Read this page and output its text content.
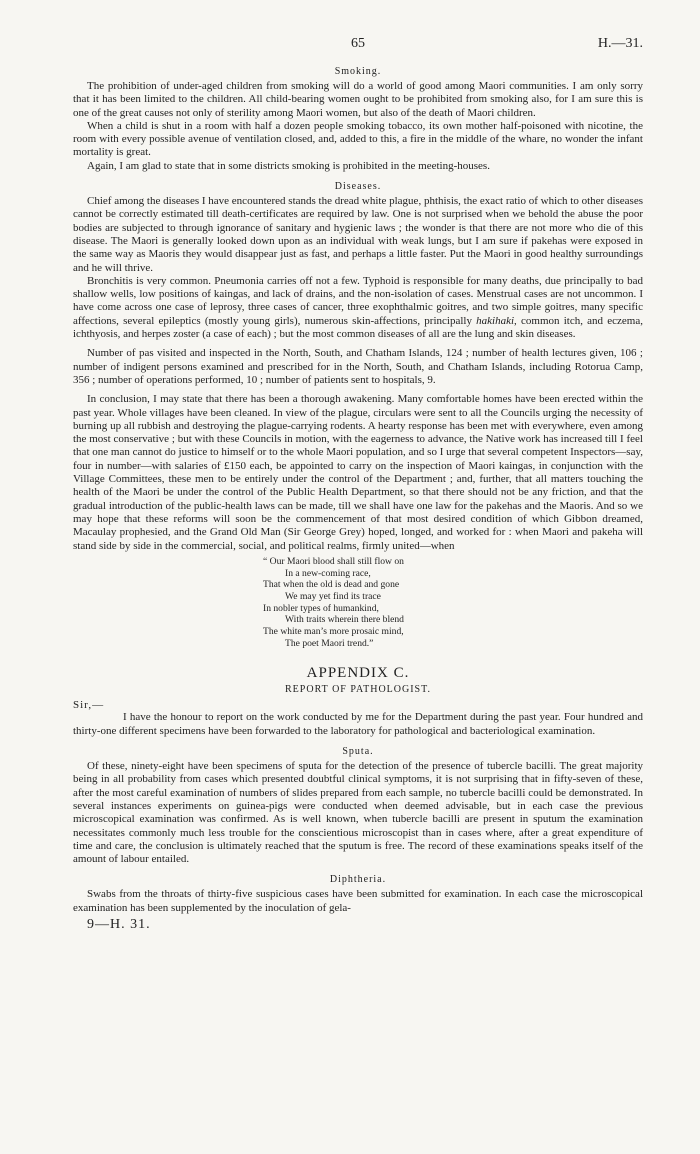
65	H.—31.
Smoking.

The prohibition of under-aged children from smoking will do a world of good among Maori communities. I am only sorry that it has been limited to the children. All child-bearing women ought to be prohibited from smoking also, for I am sure this is one of the great causes not only of sterility among Maori women, but also of the death of Maori children.

When a child is shut in a room with half a dozen people smoking tobacco, its own mother half-poisoned with nicotine, the room with every possible avenue of ventilation closed, and, added to this, a fire in the middle of the whare, no wonder the infant mortality is great.

Again, I am glad to state that in some districts smoking is prohibited in the meeting-houses.

Diseases.

Chief among the diseases I have encountered stands the dread white plague, phthisis, the exact ratio of which to other diseases cannot be correctly estimated till death-certificates are required by law. One is not surprised when we behold the abuse the poor bodies are subjected to through ignorance of sanitary and hygienic laws ; the wonder is that there are not more who die of this disease. The Maori is generally looked down upon as an individual with weak lungs, but I am sure if pakehas were exposed in the same way as Maoris they would disappear just as fast, and perhaps a little faster. Put the Maori in good healthy surroundings and he will thrive.

Bronchitis is very common. Pneumonia carries off not a few. Typhoid is responsible for many deaths, due principally to bad shallow wells, low positions of kaingas, and lack of drains, and the non-isolation of cases. Menstrual cases are not uncommon. I have come across one case of leprosy, three cases of cancer, three exophthalmic goitres, and two simple goitres, many specific affections, several epileptics (mostly young girls), numerous skin-affections, principally hakihaki, common itch, and eczema, ichthyosis, and herpes zoster (a case of each) ; but the most common diseases of all are the lung and skin diseases.

Number of pas visited and inspected in the North, South, and Chatham Islands, 124 ; number of health lectures given, 106 ; number of indigent persons examined and prescribed for in the North, South, and Chatham Islands, including Rotorua Camp, 356 ; number of operations performed, 10 ; number of patients sent to hospitals, 9.

In conclusion, I may state that there has been a thorough awakening. Many comfortable homes have been erected within the past year. Whole villages have been cleaned. In view of the plague, circulars were sent to all the Councils urging the necessity of burning up all rubbish and destroying the plague-carrying rodents. A hearty response has been met with everywhere, even among the most conservative ; but with these Councils in motion, with the eagerness to advance, the Native work has increased till I feel that one man cannot do justice to himself or to the whole Maori population, and so I urge that several competent Inspectors—say, four in number—with salaries of £150 each, be appointed to carry on the inspection of Maori kaingas, in conjunction with the Village Committees, these men to be entirely under the control of the Department ; and, further, that all matters touching the health of the Maori be under the control of the Public Health Department, so that there should not be any friction, and that the gradual introduction of the public-health laws can be made, till we shall have one law for the pakehas and the Maoris. And so we may hope that these reforms will soon be the commencement of that most desired condition of which Gibbon dreamed, Macaulay prophesied, and the Grand Old Man (Sir George Grey) hoped, longed, and worked for : when Maori and pakeha will stand side by side in the commercial, social, and political realms, firmly united—when

“ Our Maori blood shall still flow on
In a new-coming race,
That when the old is dead and gone
We may yet find its trace
In nobler types of humankind,
With traits wherein there blend
The white man’s more prosaic mind,
The poet Maori trend.”
APPENDIX C.
REPORT OF PATHOLOGIST.
Sir,—

I have the honour to report on the work conducted by me for the Department during the past year. Four hundred and thirty-one different specimens have been forwarded to the laboratory for pathological and bacteriological examination.

Sputa.

Of these, ninety-eight have been specimens of sputa for the detection of the presence of tubercle bacilli. The great majority being in all probability from cases which presented doubtful clinical symptoms, it is not surprising that in fifty-seven of these, after the most careful examination of numbers of slides prepared from each sample, no tubercle bacilli could be demonstrated. In several instances experiments on guinea-pigs were conducted when deemed advisable, but in each case the previous microscopical examination was confirmed. As is well known, when tubercle bacilli are present in sputum the examination necessitates commonly much less trouble for the conscientious microscopist than in cases where, after a great expenditure of time and care, the conclusion is ultimately reached that the sputum is free. The record of these examinations speaks itself of the amount of labour entailed.

Diphtheria.

Swabs from the throats of thirty-five suspicious cases have been submitted for examination. In each case the microscopical examination has been supplemented by the inoculation of gela-

9—H. 31.
